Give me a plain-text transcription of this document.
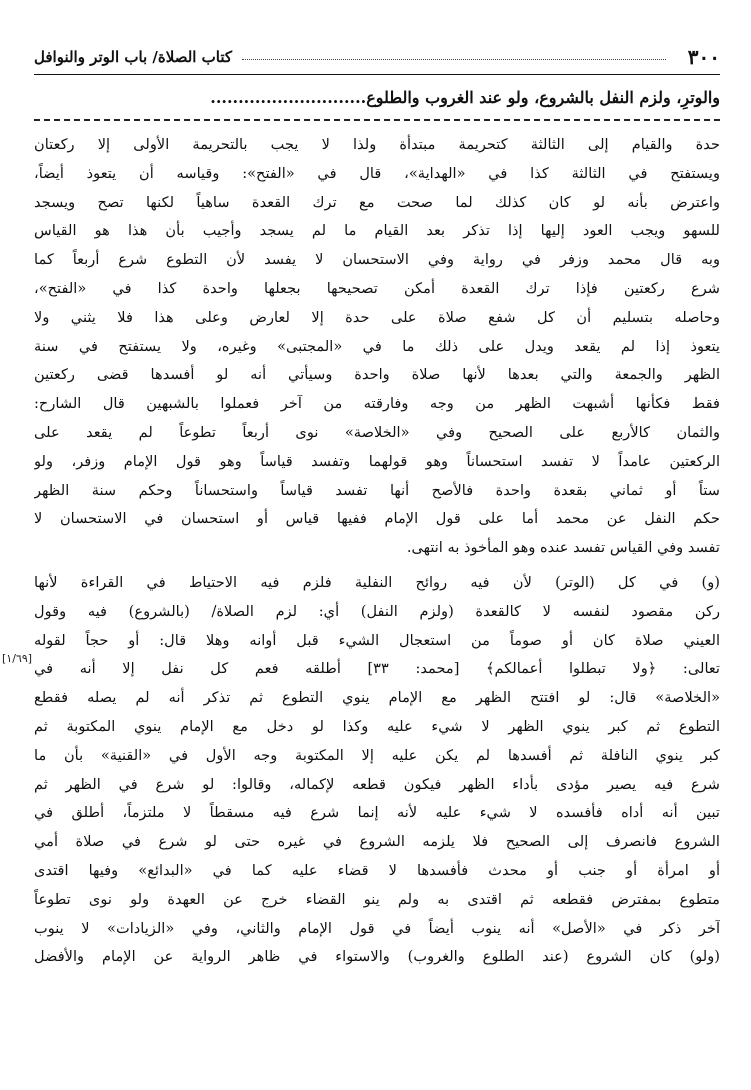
٣٠٠
كتاب الصلاة/ باب الوتر والنوافل
والوترِ، ولزم النفل بالشروع، ولو عند الغروب والطلوع............................

حدة والقيام إلى الثالثة كتحريمة مبتدأة ولذا لا يجب بالتحريمة الأولى إلا ركعتان
ويستفتح في الثالثة كذا في «الهداية»، قال في «الفتح»: وقياسه أن يتعوذ أيضاً،
واعترض بأنه لو كان كذلك لما صحت مع ترك القعدة ساهياً لكنها تصح ويسجد
للسهو ويجب العود إليها إذا تذكر بعد القيام ما لم يسجد وأجيب بأن هذا هو القياس
وبه قال محمد وزفر في رواية وفي الاستحسان لا يفسد لأن التطوع شرع أربعاً كما
شرع ركعتين فإذا ترك القعدة أمكن تصحيحها بجعلها واحدة كذا في «الفتح»،
وحاصله بتسليم أن كل شفع صلاة على حدة إلا لعارض وعلى هذا فلا يثني ولا
يتعوذ إذا لم يقعد ويدل على ذلك ما في «المجتبى» وغيره، ولا يستفتح في سنة
الظهر والجمعة والتي بعدها لأنها صلاة واحدة وسيأتي أنه لو أفسدها قضى ركعتين
فقط فكأنها أشبهت الظهر من وجه وفارقته من آخر فعملوا بالشبهين قال الشارح:
والثمان كالأربع على الصحيح وفي «الخلاصة» نوى أربعاً تطوعاً لم يقعد على
الركعتين عامداً لا تفسد استحساناً وهو قولهما وتفسد قياساً وهو قول الإمام وزفر، ولو
ستاً أو ثماني بقعدة واحدة فالأصح أنها تفسد قياساً واستحساناً وحكم سنة الظهر
حكم النفل عن محمد أما على قول الإمام ففيها قياس أو استحسان في الاستحسان لا
تفسد وفي القياس تفسد عنده وهو المأخوذ به انتهى.

(و) في كل (الوتر) لأن فيه روائح النفلية فلزم فيه الاحتياط في القراءة لأنها
ركن مقصود لنفسه لا كالقعدة (ولزم النفل) أي: لزم الصلاة/ (بالشروع) فيه وقول
العيني صلاة كان أو صوماً من استعجال الشيء قبل أوانه وهلا قال: أو حجاً لقوله
تعالى: ﴿ولا تبطلوا أعمالكم﴾ [محمد: ٣٣] أطلقه فعم كل نفل إلا أنه في
«الخلاصة» قال: لو افتتح الظهر مع الإمام ينوي التطوع ثم تذكر أنه لم يصله فقطع
التطوع ثم كبر ينوي الظهر لا شيء عليه وكذا لو دخل مع الإمام ينوي المكتوبة ثم
كبر ينوي النافلة ثم أفسدها لم يكن عليه إلا المكتوبة وجه الأول في «القنية» بأن ما
شرع فيه يصير مؤدى بأداء الظهر فيكون قطعه لإكماله، وقالوا: لو شرع في الظهر ثم
تبين أنه أداه فأفسده لا شيء عليه لأنه إنما شرع فيه مسقطاً لا ملتزماً، أطلق في
الشروع فانصرف إلى الصحيح فلا يلزمه الشروع في غيره حتى لو شرع في صلاة أمي
أو امرأة أو جنب أو محدث فأفسدها لا قضاء عليه كما في «البدائع» وفيها اقتدى
متطوع بمفترض فقطعه ثم اقتدى به ولم ينو القضاء خرج عن العهدة ولو نوى تطوعاً
آخر ذكر في «الأصل» أنه ينوب أيضاً في قول الإمام والثاني، وفي «الزيادات» لا ينوب
(ولو) كان الشروع (عند الطلوع والغروب) والاستواء في ظاهر الرواية عن الإمام والأفضل

[١/٦٩]
